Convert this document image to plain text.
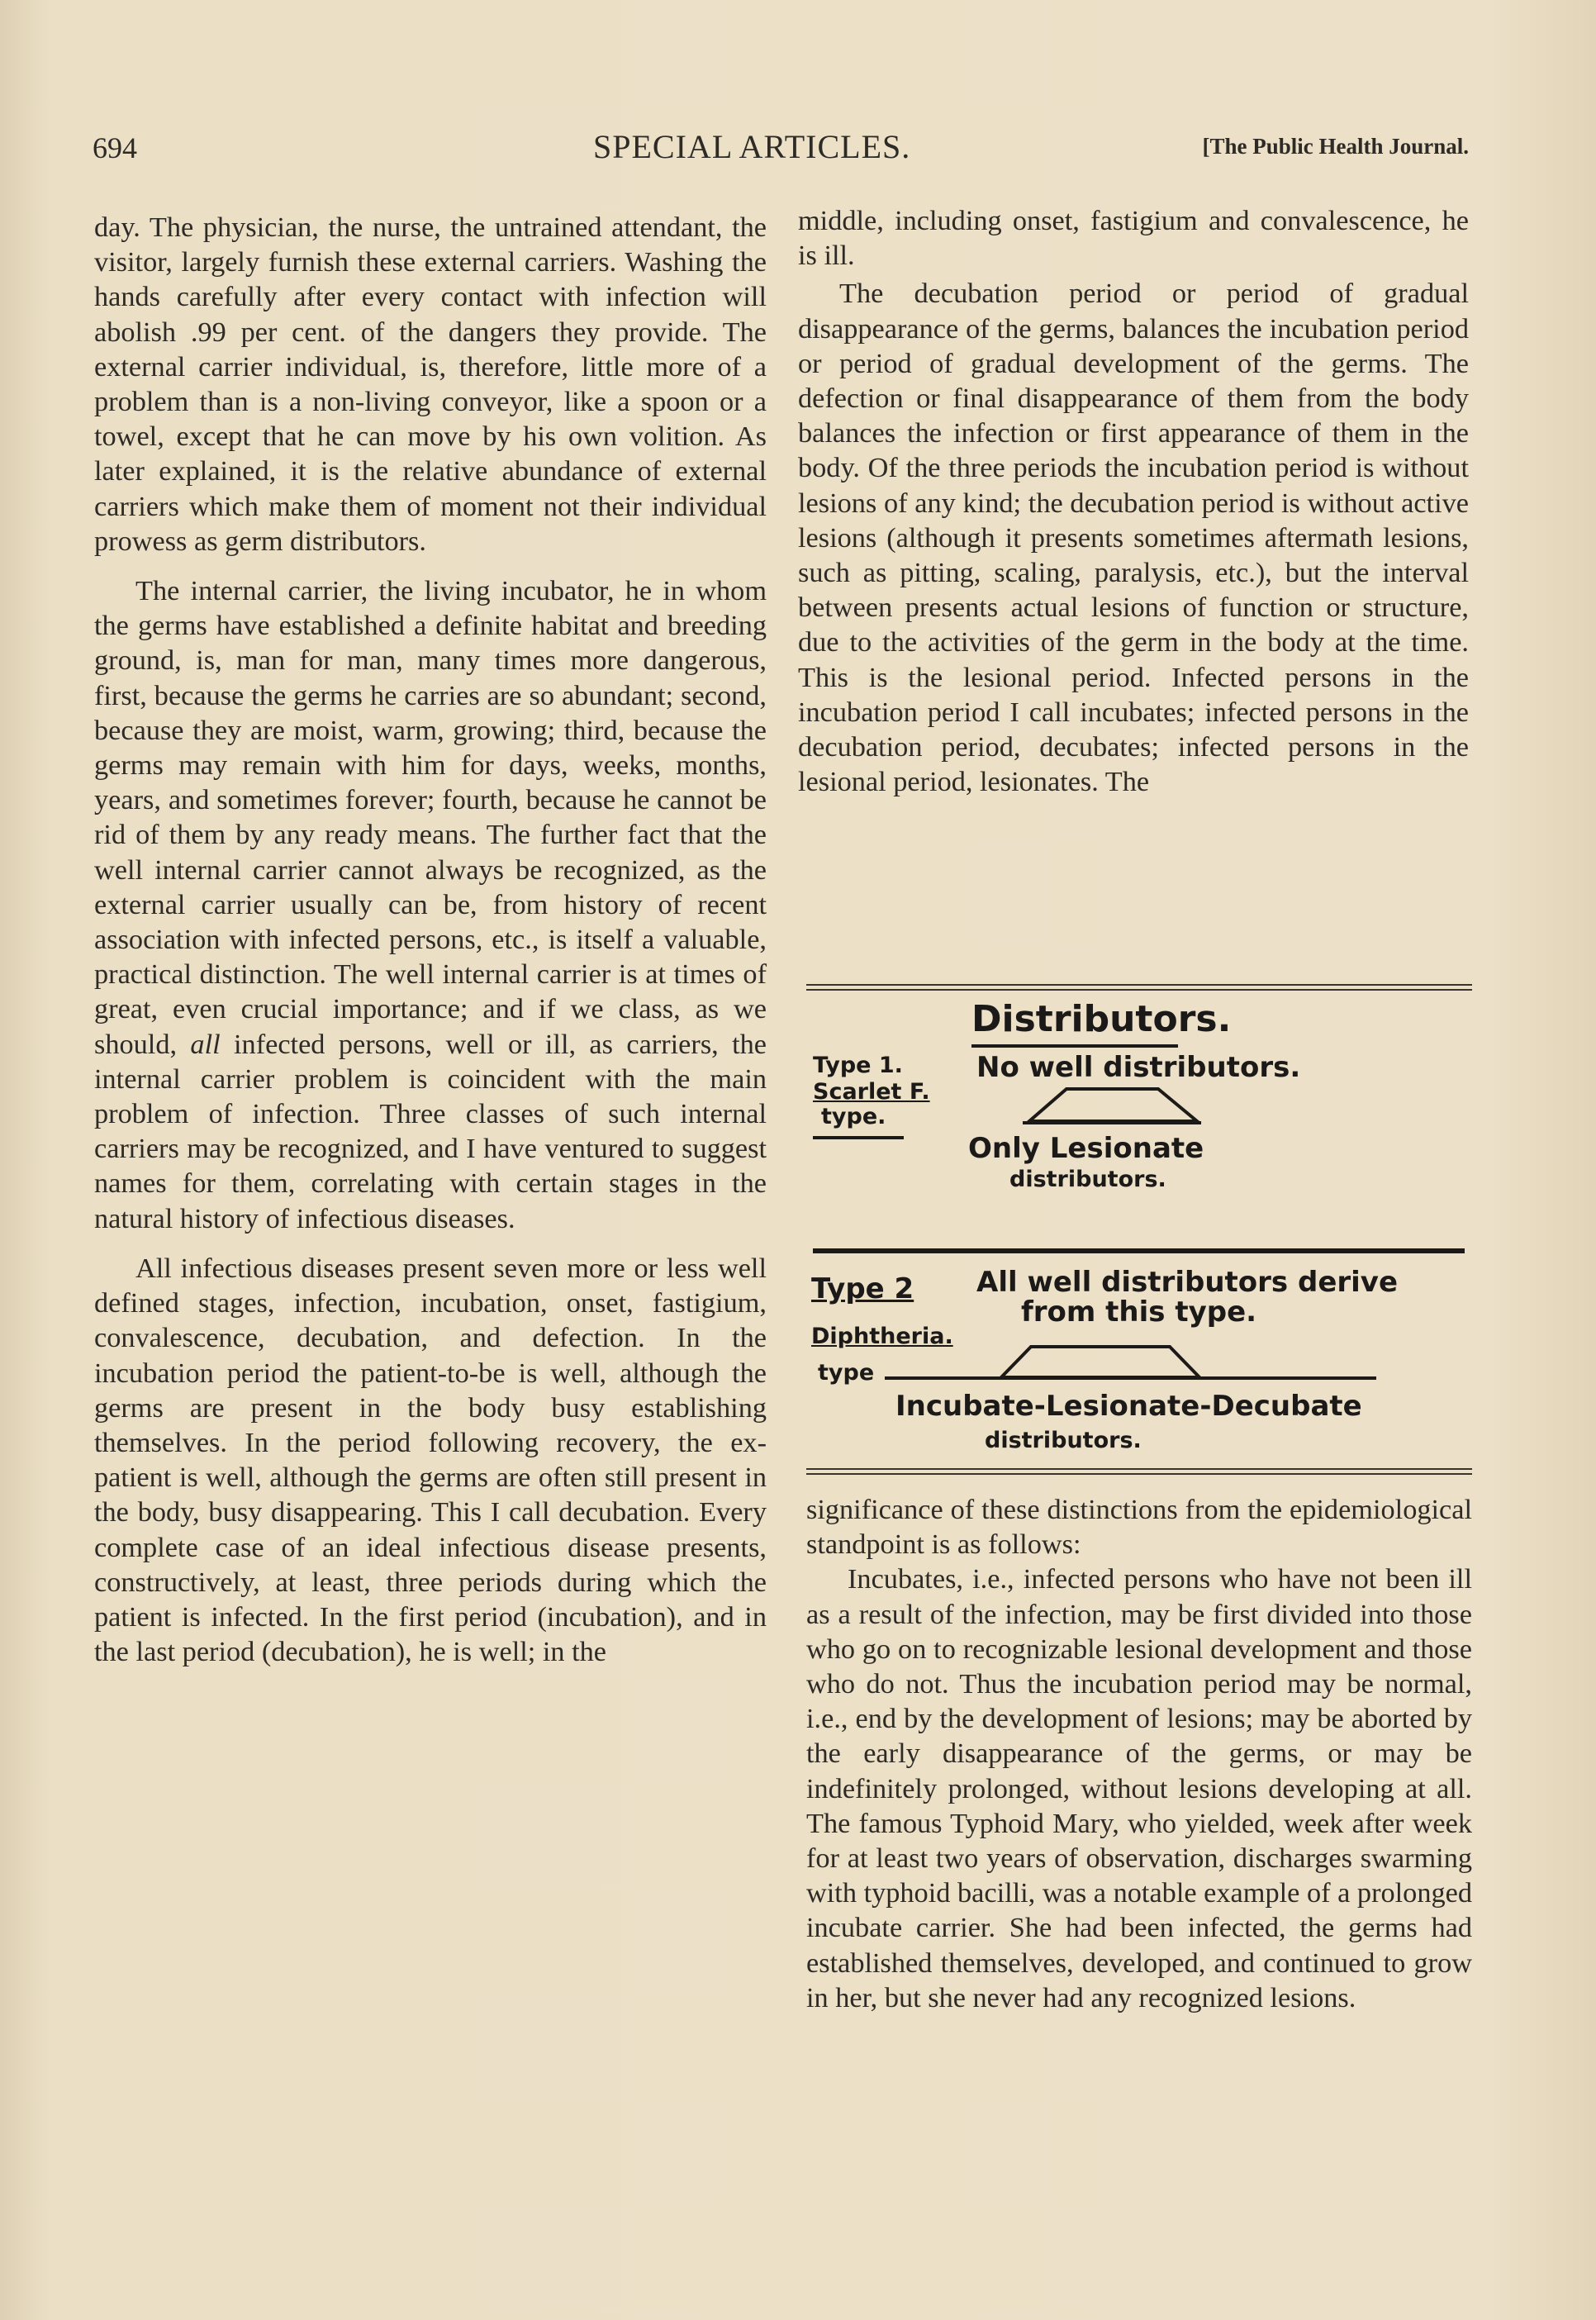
694	SPECIAL ARTICLES.	[The Public Health Journal.

day. The physician, the nurse, the untrained attendant, the visitor, largely furnish these external carriers. Washing the hands carefully after every contact with infection will abolish .99 per cent. of the dangers they provide. The external carrier individual, is, therefore, little more of a problem than is a non-living conveyor, like a spoon or a towel, except that he can move by his own volition. As later explained, it is the relative abundance of external carriers which make them of moment not their individual prowess as germ distributors.

The internal carrier, the living incubator, he in whom the germs have established a definite habitat and breeding ground, is, man for man, many times more dangerous, first, because the germs he carries are so abundant; second, because they are moist, warm, growing; third, because the germs may remain with him for days, weeks, months, years, and sometimes forever; fourth, because he cannot be rid of them by any ready means. The further fact that the well internal carrier cannot always be recognized, as the external carrier usually can be, from history of recent association with infected persons, etc., is itself a valuable, practical distinction. The well internal carrier is at times of great, even crucial importance; and if we class, as we should, all infected persons, well or ill, as carriers, the internal carrier problem is coincident with the main problem of infection. Three classes of such internal carriers may be recognized, and I have ventured to suggest names for them, correlating with certain stages in the natural history of infectious diseases.

All infectious diseases present seven more or less well defined stages, infection, incubation, onset, fastigium, convalescence, decubation, and defection. In the incubation period the patient-to-be is well, although the germs are present in the body busy establishing themselves. In the period following recovery, the ex-patient is well, although the germs are often still present in the body, busy disappearing. This I call decubation. Every complete case of an ideal infectious disease presents, constructively, at least, three periods during which the patient is infected. In the first period (incubation), and in the last period (decubation), he is well; in the

middle, including onset, fastigium and convalescence, he is ill.

The decubation period or period of gradual disappearance of the germs, balances the incubation period or period of gradual development of the germs. The defection or final disappearance of them from the body balances the infection or first appearance of them in the body. Of the three periods the incubation period is without lesions of any kind; the decubation period is without active lesions (although it presents sometimes aftermath lesions, such as pitting, scaling, paralysis, etc.), but the interval between presents actual lesions of function or structure, due to the activities of the germ in the body at the time. This is the lesional period. Infected persons in the incubation period I call incubates; infected persons in the decubation period, decubates; infected persons in the lesional period, lesionates. The

Distributors.
Type 1.
Scarlet F.
type.
No well distributors.
Only Lesionate
distributors.
Type 2 All well distributors derive
from this type.
Diphtheria.
type
Incubate-Lesionate-Decubate
distributors.

significance of these distinctions from the epidemiological standpoint is as follows:

Incubates, i.e., infected persons who have not been ill as a result of the infection, may be first divided into those who go on to recognizable lesional development and those who do not. Thus the incubation period may be normal, i.e., end by the development of lesions; may be aborted by the early disappearance of the germs, or may be indefinitely prolonged, without lesions developing at all. The famous Typhoid Mary, who yielded, week after week for at least two years of observation, discharges swarming with typhoid bacilli, was a notable example of a prolonged incubate carrier. She had been infected, the germs had established themselves, developed, and continued to grow in her, but she never had any recognized lesions.
